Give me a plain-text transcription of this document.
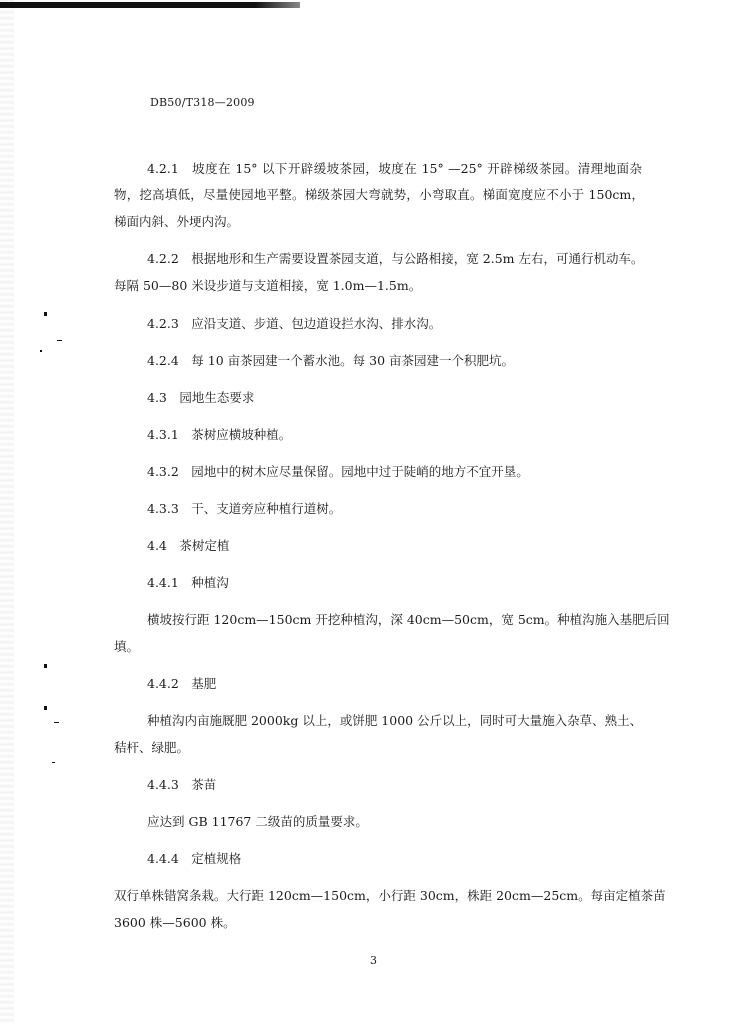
DB50/T318—2009
4.2.1　坡度在 15° 以下开辟缓坡茶园，坡度在 15° —25° 开辟梯级茶园。清理地面杂
物，挖高填低，尽量使园地平整。梯级茶园大弯就势，小弯取直。梯面宽度应不小于 150cm，
梯面内斜、外埂内沟。
4.2.2　根据地形和生产需要设置茶园支道，与公路相接，宽 2.5m 左右，可通行机动车。
每隔 50—80 米设步道与支道相接，宽 1.0m—1.5m。
4.2.3　应沿支道、步道、包边道设拦水沟、排水沟。
4.2.4　每 10 亩茶园建一个蓄水池。每 30 亩茶园建一个积肥坑。
4.3　园地生态要求
4.3.1　茶树应横坡种植。
4.3.2　园地中的树木应尽量保留。园地中过于陡峭的地方不宜开垦。
4.3.3　干、支道旁应种植行道树。
4.4　茶树定植
4.4.1　种植沟
横坡按行距 120cm—150cm 开挖种植沟，深 40cm—50cm，宽 5cm。种植沟施入基肥后回
填。
4.4.2　基肥
种植沟内亩施厩肥 2000kg 以上，或饼肥 1000 公斤以上，同时可大量施入杂草、熟土、
秸杆、绿肥。
4.4.3　茶苗
应达到 GB 11767 二级苗的质量要求。
4.4.4　定植规格
双行单株错窝条栽。大行距 120cm—150cm，小行距 30cm，株距 20cm—25cm。每亩定植茶苗
3600 株—5600 株。
3
